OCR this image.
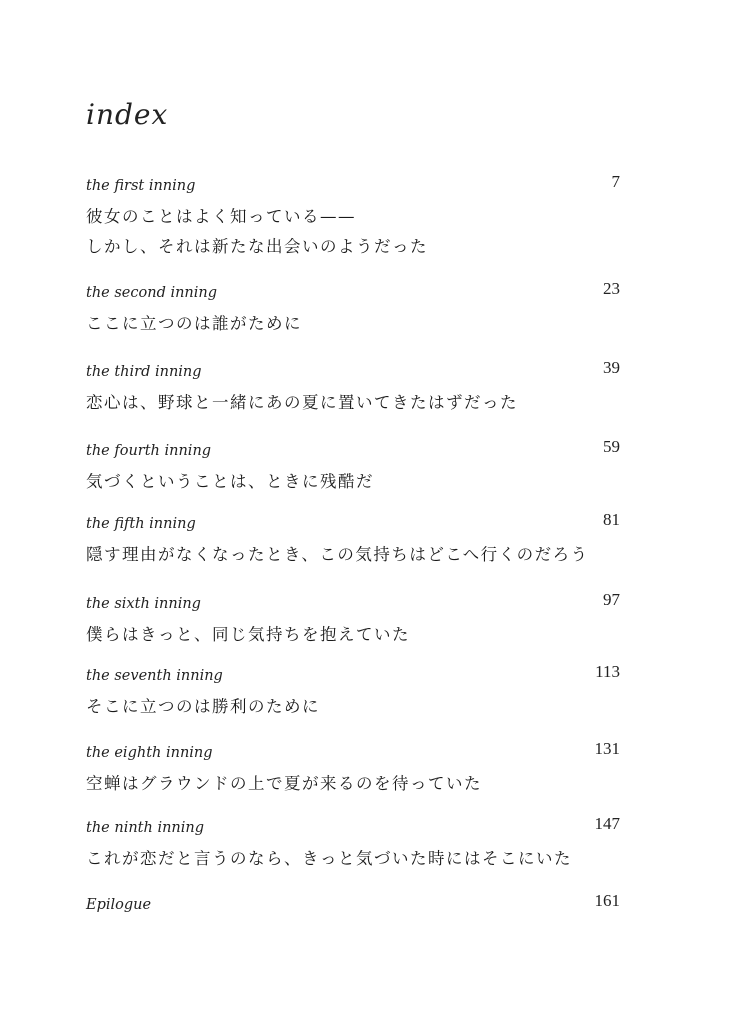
index
the first inning	7
彼女のことはよく知っている——
しかし、それは新たな出会いのようだった
the second inning	23
ここに立つのは誰がために
the third inning	39
恋心は、野球と一緒にあの夏に置いてきたはずだった
the fourth inning	59
気づくということは、ときに残酷だ
the fifth inning	81
隠す理由がなくなったとき、この気持ちはどこへ行くのだろう
the sixth inning	97
僕らはきっと、同じ気持ちを抱えていた
the seventh inning	113
そこに立つのは勝利のために
the eighth inning	131
空蝉はグラウンドの上で夏が来るのを待っていた
the ninth inning	147
これが恋だと言うのなら、きっと気づいた時にはそこにいた
Epilogue	161
